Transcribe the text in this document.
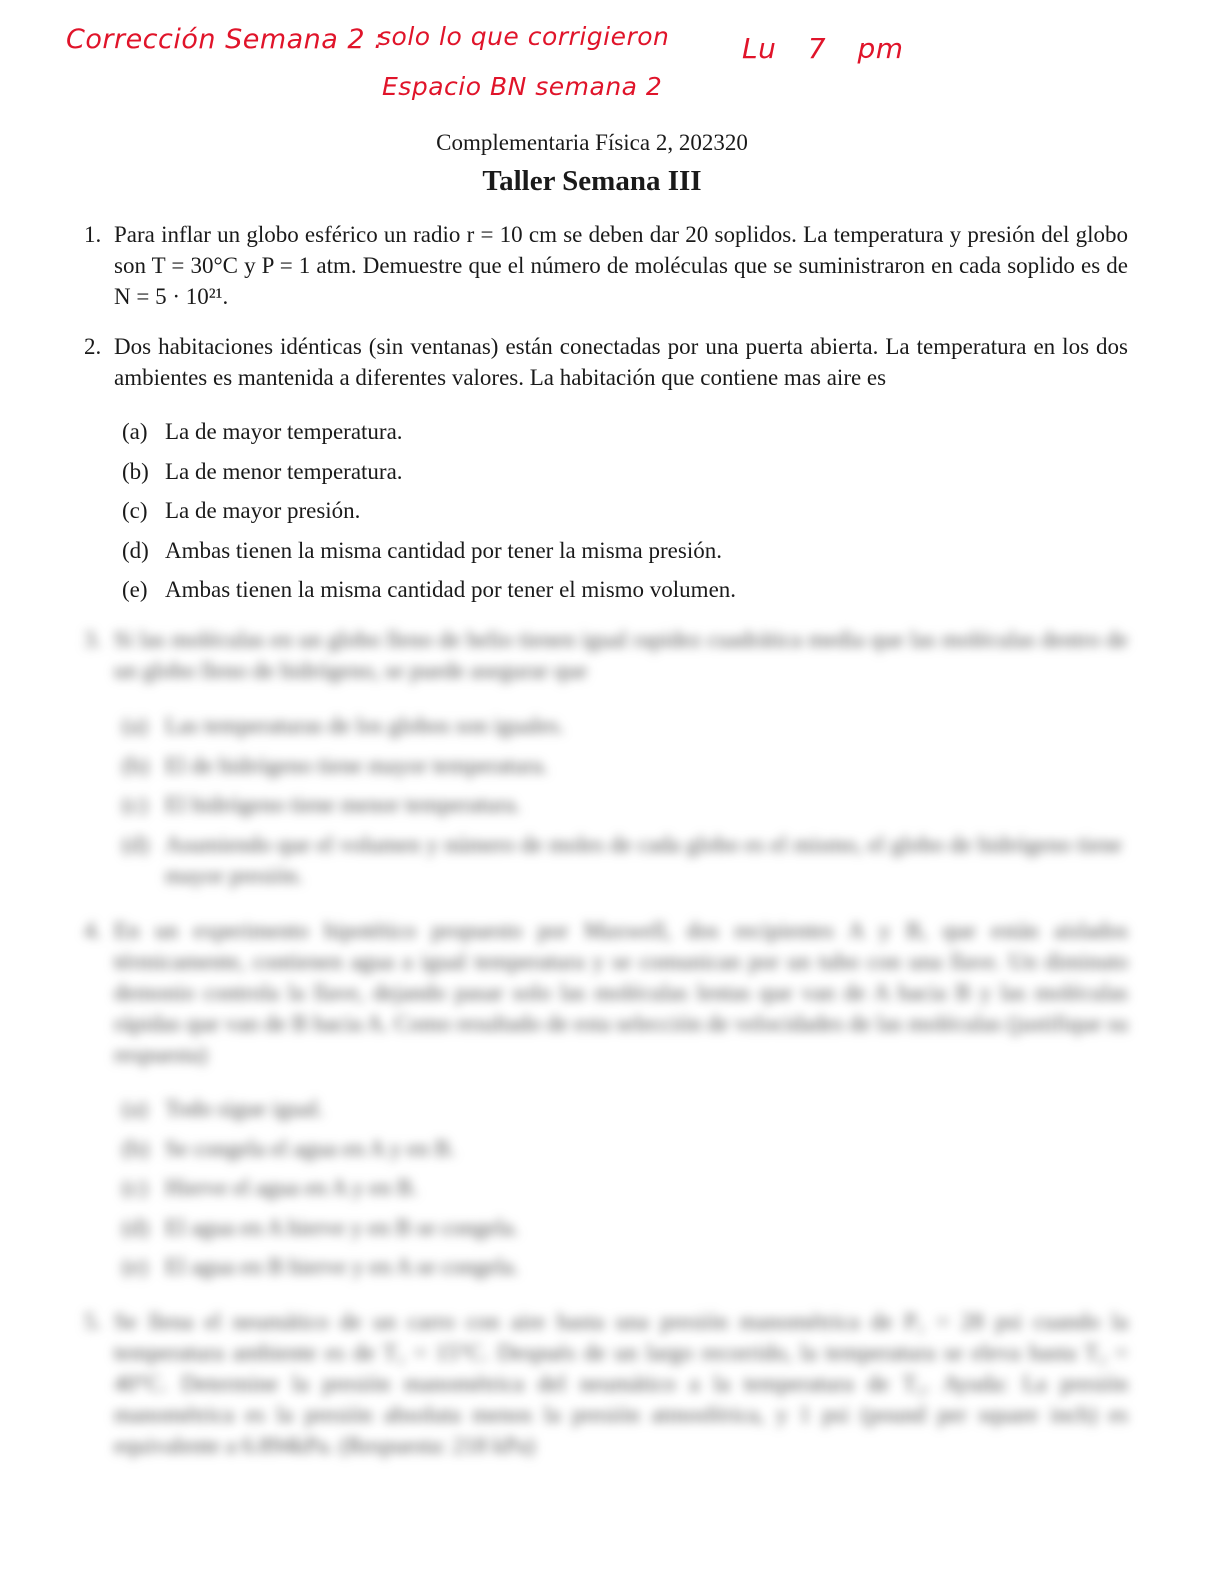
Corrección Semana 2 :
solo lo que corrigieron
Espacio BN semana 2
Lu 7 pm
Complementaria Física 2, 202320
Taller Semana III
1. Para inflar un globo esférico un radio r = 10 cm se deben dar 20 soplidos. La temperatura y presión del globo son T = 30°C y P = 1 atm. Demuestre que el número de moléculas que se suministraron en cada soplido es de N = 5 · 10²¹.
2. Dos habitaciones idénticas (sin ventanas) están conectadas por una puerta abierta. La temperatura en los dos ambientes es mantenida a diferentes valores. La habitación que contiene mas aire es
(a) La de mayor temperatura.
(b) La de menor temperatura.
(c) La de mayor presión.
(d) Ambas tienen la misma cantidad por tener la misma presión.
(e) Ambas tienen la misma cantidad por tener el mismo volumen.
3. Si las moléculas en un globo lleno de helio tienen igual rapidez cuadrática media que las moléculas dentro de un globo lleno de hidrógeno, se puede asegurar que
(a) Las temperaturas de los globos son iguales.
(b) El de hidrógeno tiene mayor temperatura.
(c) El hidrógeno tiene menor temperatura.
(d) Asumiendo que el volumen y número de moles de cada globo es el mismo, el globo de hidrógeno tiene mayor presión.
4. En un experimento hipotético propuesto por Maxwell, dos recipientes A y B, que están aislados térmicamente, contienen agua a igual temperatura y se comunican por un tubo con una llave. Un diminuto demonio controla la llave, dejando pasar solo las moléculas lentas que van de A hacia B y las moléculas rápidas que van de B hacia A. Como resultado de esta selección de velocidades de las moléculas (justifique su respuesta)
(a) Todo sigue igual.
(b) Se congela el agua en A y en B.
(c) Hierve el agua en A y en B.
(d) El agua en A hierve y en B se congela.
(e) El agua en B hierve y en A se congela.
5. Se llena el neumático de un carro con aire hasta una presión manométrica de P₁ = 28 psi cuando la temperatura ambiente es de T₁ = 15°C. Después de un largo recorrido, la temperatura se eleva hasta T₂ = 40°C. Determine la presión manométrica del neumático a la temperatura de T₂. Ayuda: La presión manométrica es la presión absoluta menos la presión atmosférica, y 1 psi (pound per square inch) es equivalente a 6.894kPa. (Respuesta: 218 kPa)
